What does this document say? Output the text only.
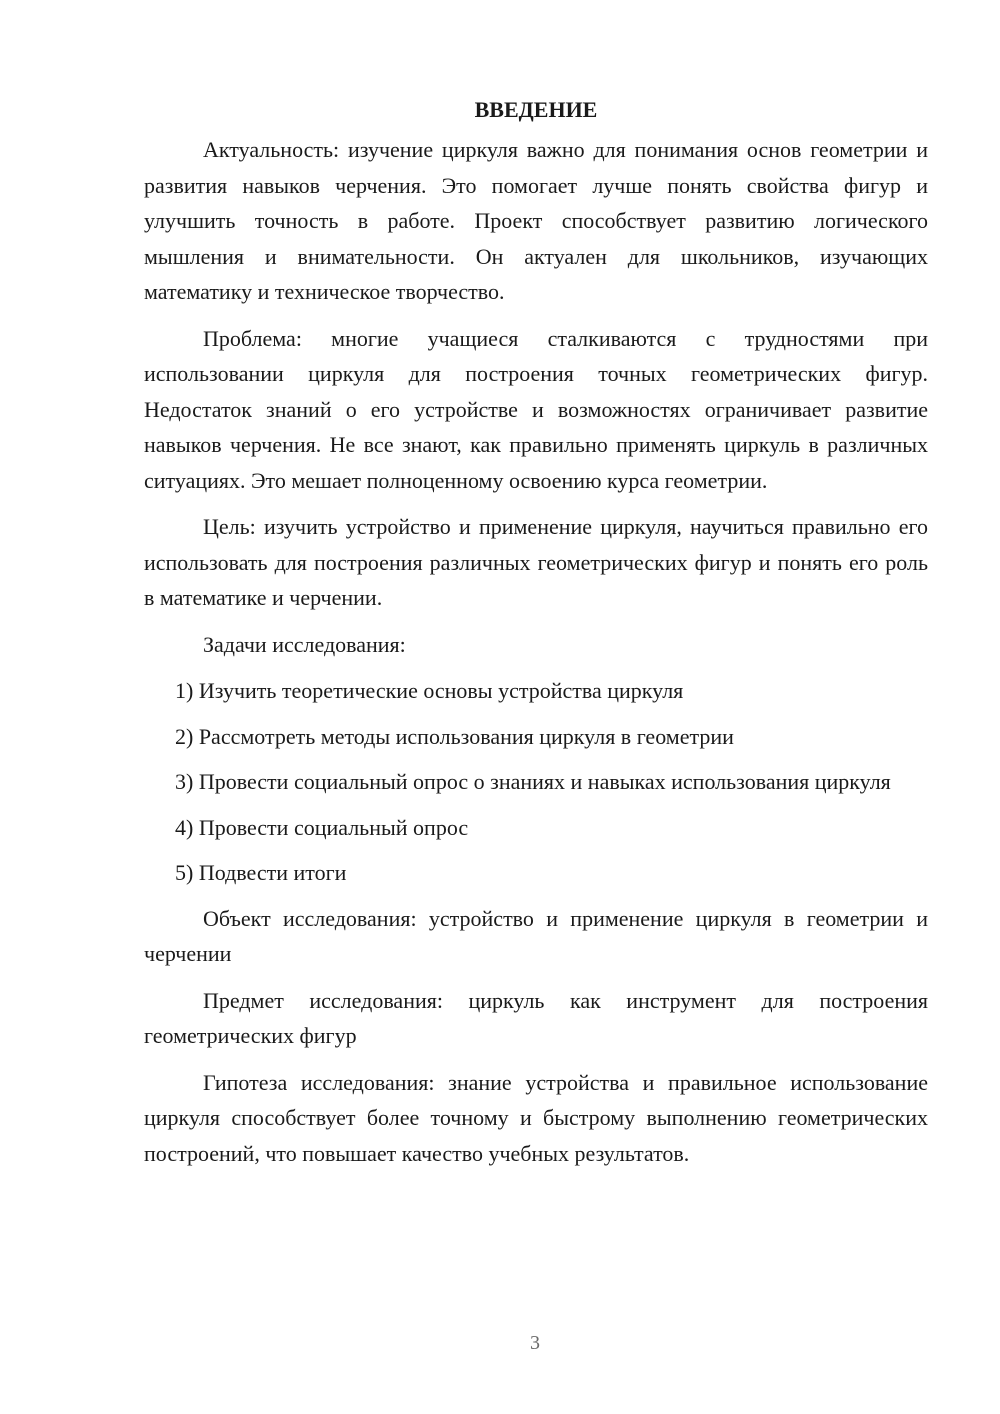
ВВЕДЕНИЕ

Актуальность: изучение циркуля важно для понимания основ геометрии и развития навыков черчения. Это помогает лучше понять свойства фигур и улучшить точность в работе. Проект способствует развитию логического мышления и внимательности. Он актуален для школьников, изучающих математику и техническое творчество.

Проблема: многие учащиеся сталкиваются с трудностями при использовании циркуля для построения точных геометрических фигур. Недостаток знаний о его устройстве и возможностях ограничивает развитие навыков черчения. Не все знают, как правильно применять циркуль в различных ситуациях. Это мешает полноценному освоению курса геометрии.

Цель: изучить устройство и применение циркуля, научиться правильно его использовать для построения различных геометрических фигур и понять его роль в математике и черчении.

Задачи исследования:

1) Изучить теоретические основы устройства циркуля

2) Рассмотреть методы использования циркуля в геометрии

3) Провести социальный опрос о знаниях и навыках использования циркуля

4) Провести социальный опрос

5) Подвести итоги

Объект исследования: устройство и применение циркуля в геометрии и черчении

Предмет исследования: циркуль как инструмент для построения геометрических фигур

Гипотеза исследования: знание устройства и правильное использование циркуля способствует более точному и быстрому выполнению геометрических построений, что повышает качество учебных результатов.

3
